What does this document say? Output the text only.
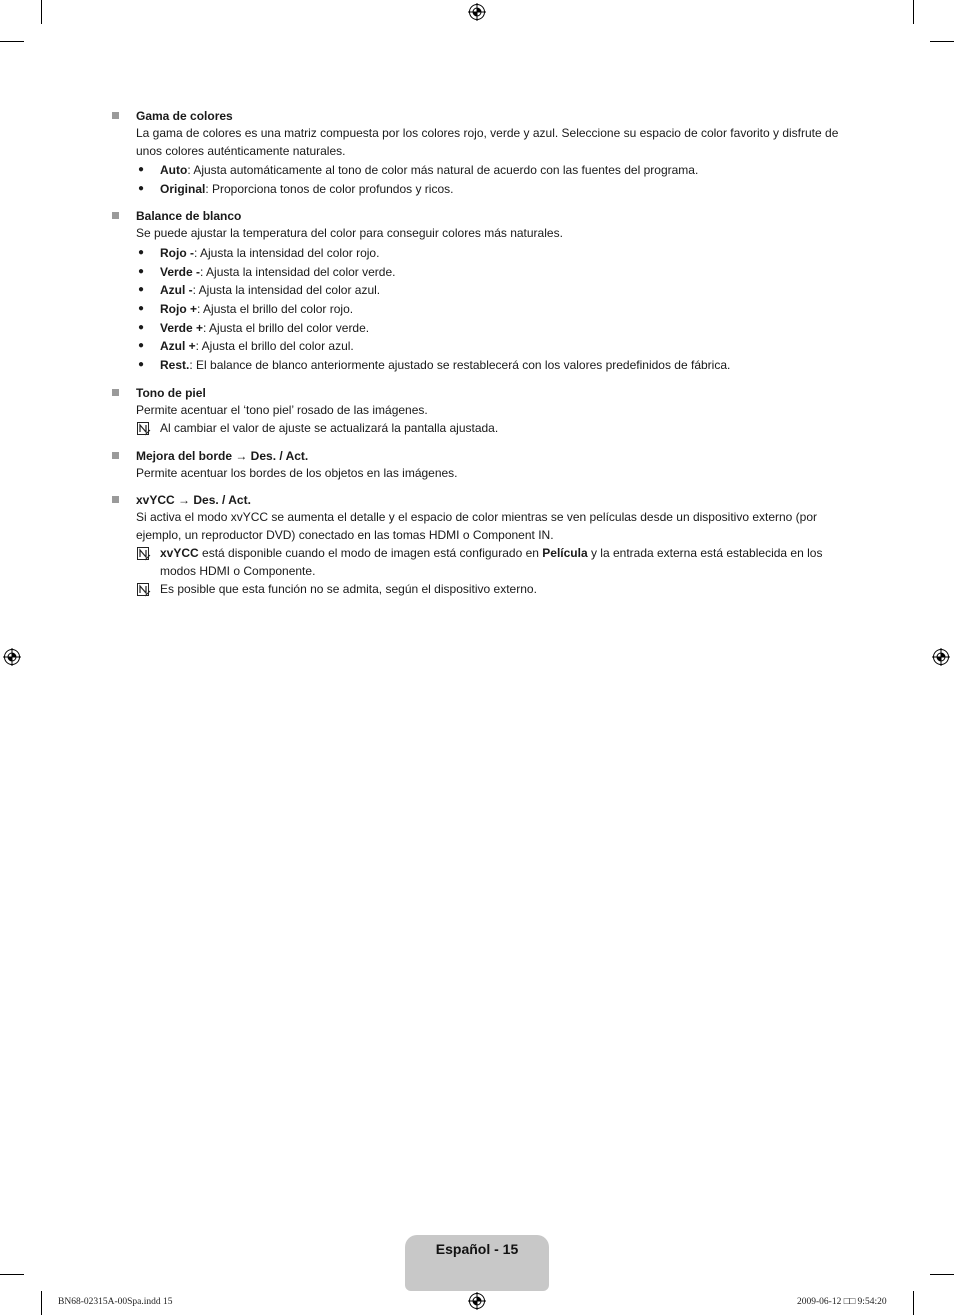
Gama de colores

La gama de colores es una matriz compuesta por los colores rojo, verde y azul. Seleccione su espacio de color favorito y disfrute de unos colores auténticamente naturales.

● Auto: Ajusta automáticamente al tono de color más natural de acuerdo con las fuentes del programa.
● Original: Proporciona tonos de color profundos y ricos.
Balance de blanco

Se puede ajustar la temperatura del color para conseguir colores más naturales.

● Rojo -: Ajusta la intensidad del color rojo.
● Verde -: Ajusta la intensidad del color verde.
● Azul -: Ajusta la intensidad del color azul.
● Rojo +: Ajusta el brillo del color rojo.
● Verde +: Ajusta el brillo del color verde.
● Azul +: Ajusta el brillo del color azul.
● Rest.: El balance de blanco anteriormente ajustado se restablecerá con los valores predefinidos de fábrica.
Tono de piel

Permite acentuar el ‘tono piel’ rosado de las imágenes.

Al cambiar el valor de ajuste se actualizará la pantalla ajustada.
Mejora del borde → Des. / Act.

Permite acentuar los bordes de los objetos en las imágenes.

xvYCC → Des. / Act.

Si activa el modo xvYCC se aumenta el detalle y el espacio de color mientras se ven películas desde un dispositivo externo (por ejemplo, un reproductor DVD) conectado en las tomas HDMI o Component IN.

xvYCC está disponible cuando el modo de imagen está configurado en Película y la entrada externa está establecida en los modos HDMI o Componente.
Es posible que esta función no se admita, según el dispositivo externo.
Español - 15
BN68-02315A-00Spa.indd 15	2009-06-12 □□ 9:54:20
